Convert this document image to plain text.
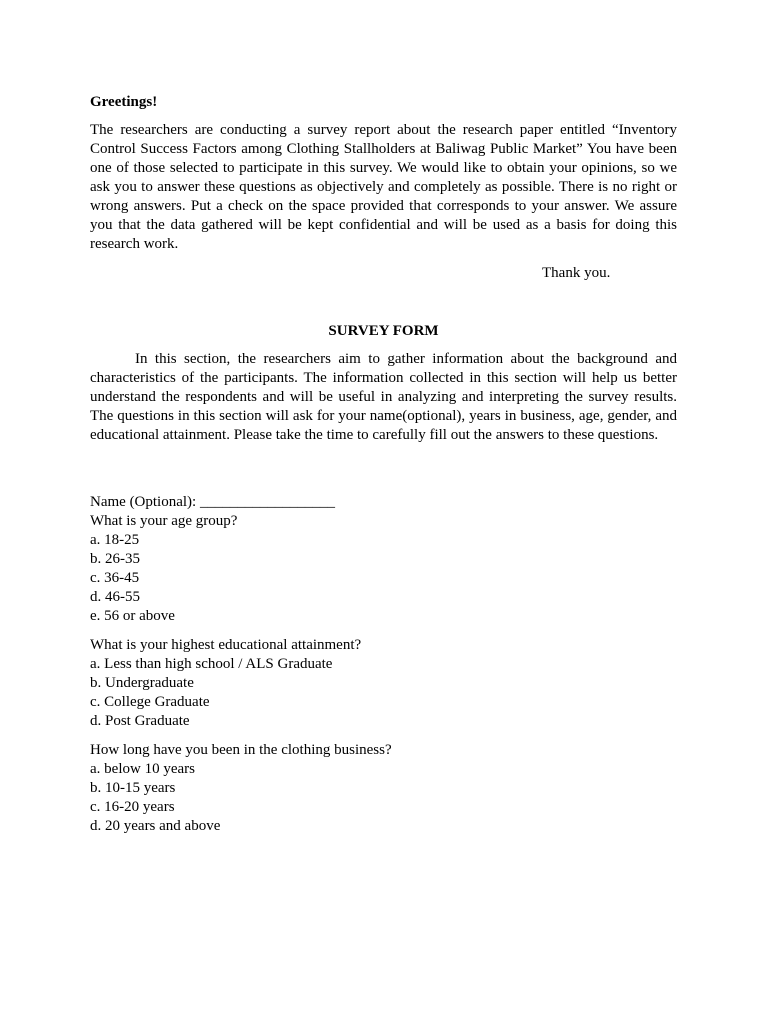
Greetings!

The researchers are conducting a survey report about the research paper entitled “Inventory Control Success Factors among Clothing Stallholders at Baliwag Public Market” You have been one of those selected to participate in this survey. We would like to obtain your opinions, so we ask you to answer these questions as objectively and completely as possible. There is no right or wrong answers. Put a check on the space provided that corresponds to your answer. We assure you that the data gathered will be kept confidential and will be used as a basis for doing this research work.

Thank you.

SURVEY FORM

In this section, the researchers aim to gather information about the background and characteristics of the participants. The information collected in this section will help us better understand the respondents and will be useful in analyzing and interpreting the survey results. The questions in this section will ask for your name(optional), years in business, age, gender, and educational attainment. Please take the time to carefully fill out the answers to these questions.

Name (Optional): __________________

What is your age group?

a. 18-25

b. 26-35

c. 36-45

d. 46-55

e. 56 or above

What is your highest educational attainment?

a. Less than high school / ALS Graduate

b. Undergraduate

c. College Graduate

d. Post Graduate

How long have you been in the clothing business?

a. below 10 years

b. 10-15 years

c. 16-20 years

d. 20 years and above
